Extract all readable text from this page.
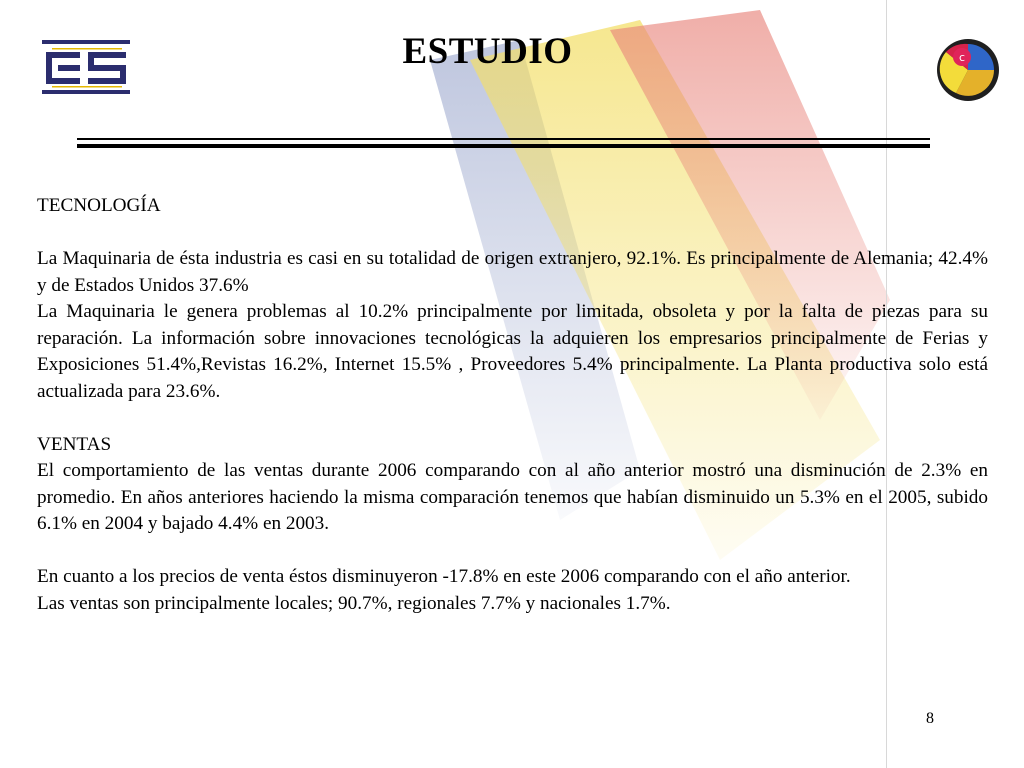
c
ESTUDIO

TECNOLOGÍA

La Maquinaria de ésta industria es casi en su totalidad de origen extranjero, 92.1%. Es principalmente de Alemania; 42.4% y de Estados Unidos 37.6%

La Maquinaria le genera problemas al 10.2% principalmente por limitada, obsoleta y por la falta de piezas para su reparación. La información sobre innovaciones tecnológicas la adquieren los empresarios principalmente de Ferias y Exposiciones 51.4%,Revistas 16.2%, Internet 15.5% , Proveedores 5.4% principalmente. La Planta productiva solo está actualizada para 23.6%.

VENTAS

El comportamiento de las ventas durante 2006 comparando con al año anterior mostró una disminución de 2.3% en promedio. En años anteriores haciendo la misma comparación tenemos que habían disminuido un 5.3% en el 2005, subido 6.1% en 2004 y bajado 4.4% en 2003.

En cuanto a los precios de venta éstos disminuyeron -17.8% en este 2006 comparando con el año anterior.

Las ventas son principalmente locales; 90.7%, regionales 7.7% y nacionales 1.7%.

8
